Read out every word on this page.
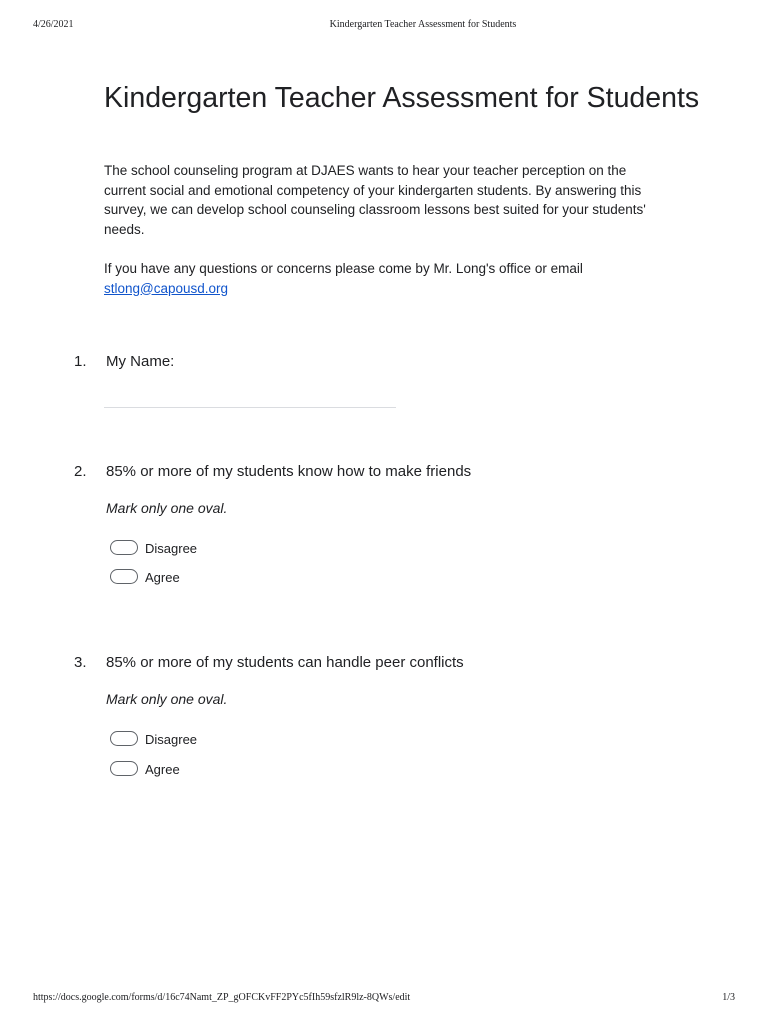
4/26/2021	Kindergarten Teacher Assessment for Students
Kindergarten Teacher Assessment for Students

The school counseling program at DJAES wants to hear your teacher perception on the current social and emotional competency of your kindergarten students. By answering this survey, we can develop school counseling classroom lessons best suited for your students' needs.

If you have any questions or concerns please come by Mr. Long's office or email
stlong@capousd.org

1. My Name:
2. 85% or more of my students know how to make friends
Mark only one oval.
Disagree
Agree
3. 85% or more of my students can handle peer conflicts
Mark only one oval.
Disagree
Agree
https://docs.google.com/forms/d/16c74Namt_ZP_gOFCKvFF2PYc5fIh59sfzlR9lz-8QWs/edit	1/3
